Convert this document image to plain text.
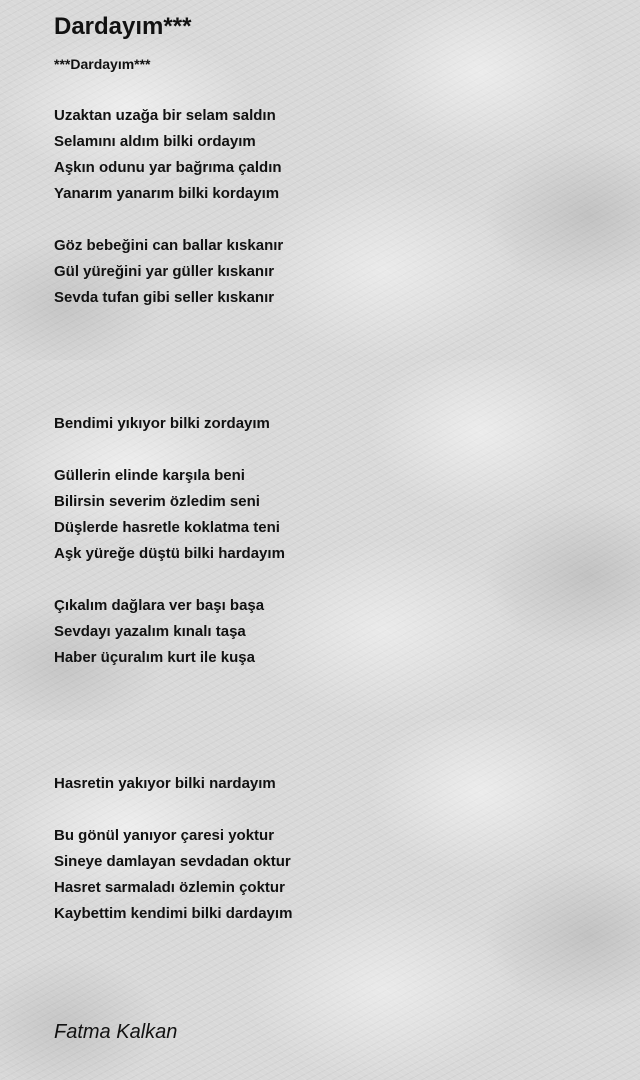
Dardayım***

***Dardayım***

Uzaktan uzağa bir selam saldın

Selamını aldım bilki ordayım

Aşkın odunu yar bağrıma çaldın

Yanarım yanarım bilki kordayım

Göz bebeğini can ballar kıskanır

Gül yüreğini yar güller kıskanır

Sevda tufan gibi seller kıskanır

Bendimi yıkıyor bilki zordayım

Güllerin elinde karşıla beni

Bilirsin severim özledim seni

Düşlerde hasretle koklatma teni

Aşk yüreğe düştü bilki hardayım

Çıkalım dağlara ver başı başa

Sevdayı yazalım kınalı taşa

Haber üçuralım kurt ile kuşa

Hasretin yakıyor bilki nardayım

Bu gönül yanıyor çaresi yoktur

Sineye damlayan sevdadan oktur

Hasret sarmaladı özlemin çoktur

Kaybettim kendimi bilki dardayım

Fatma Kalkan
